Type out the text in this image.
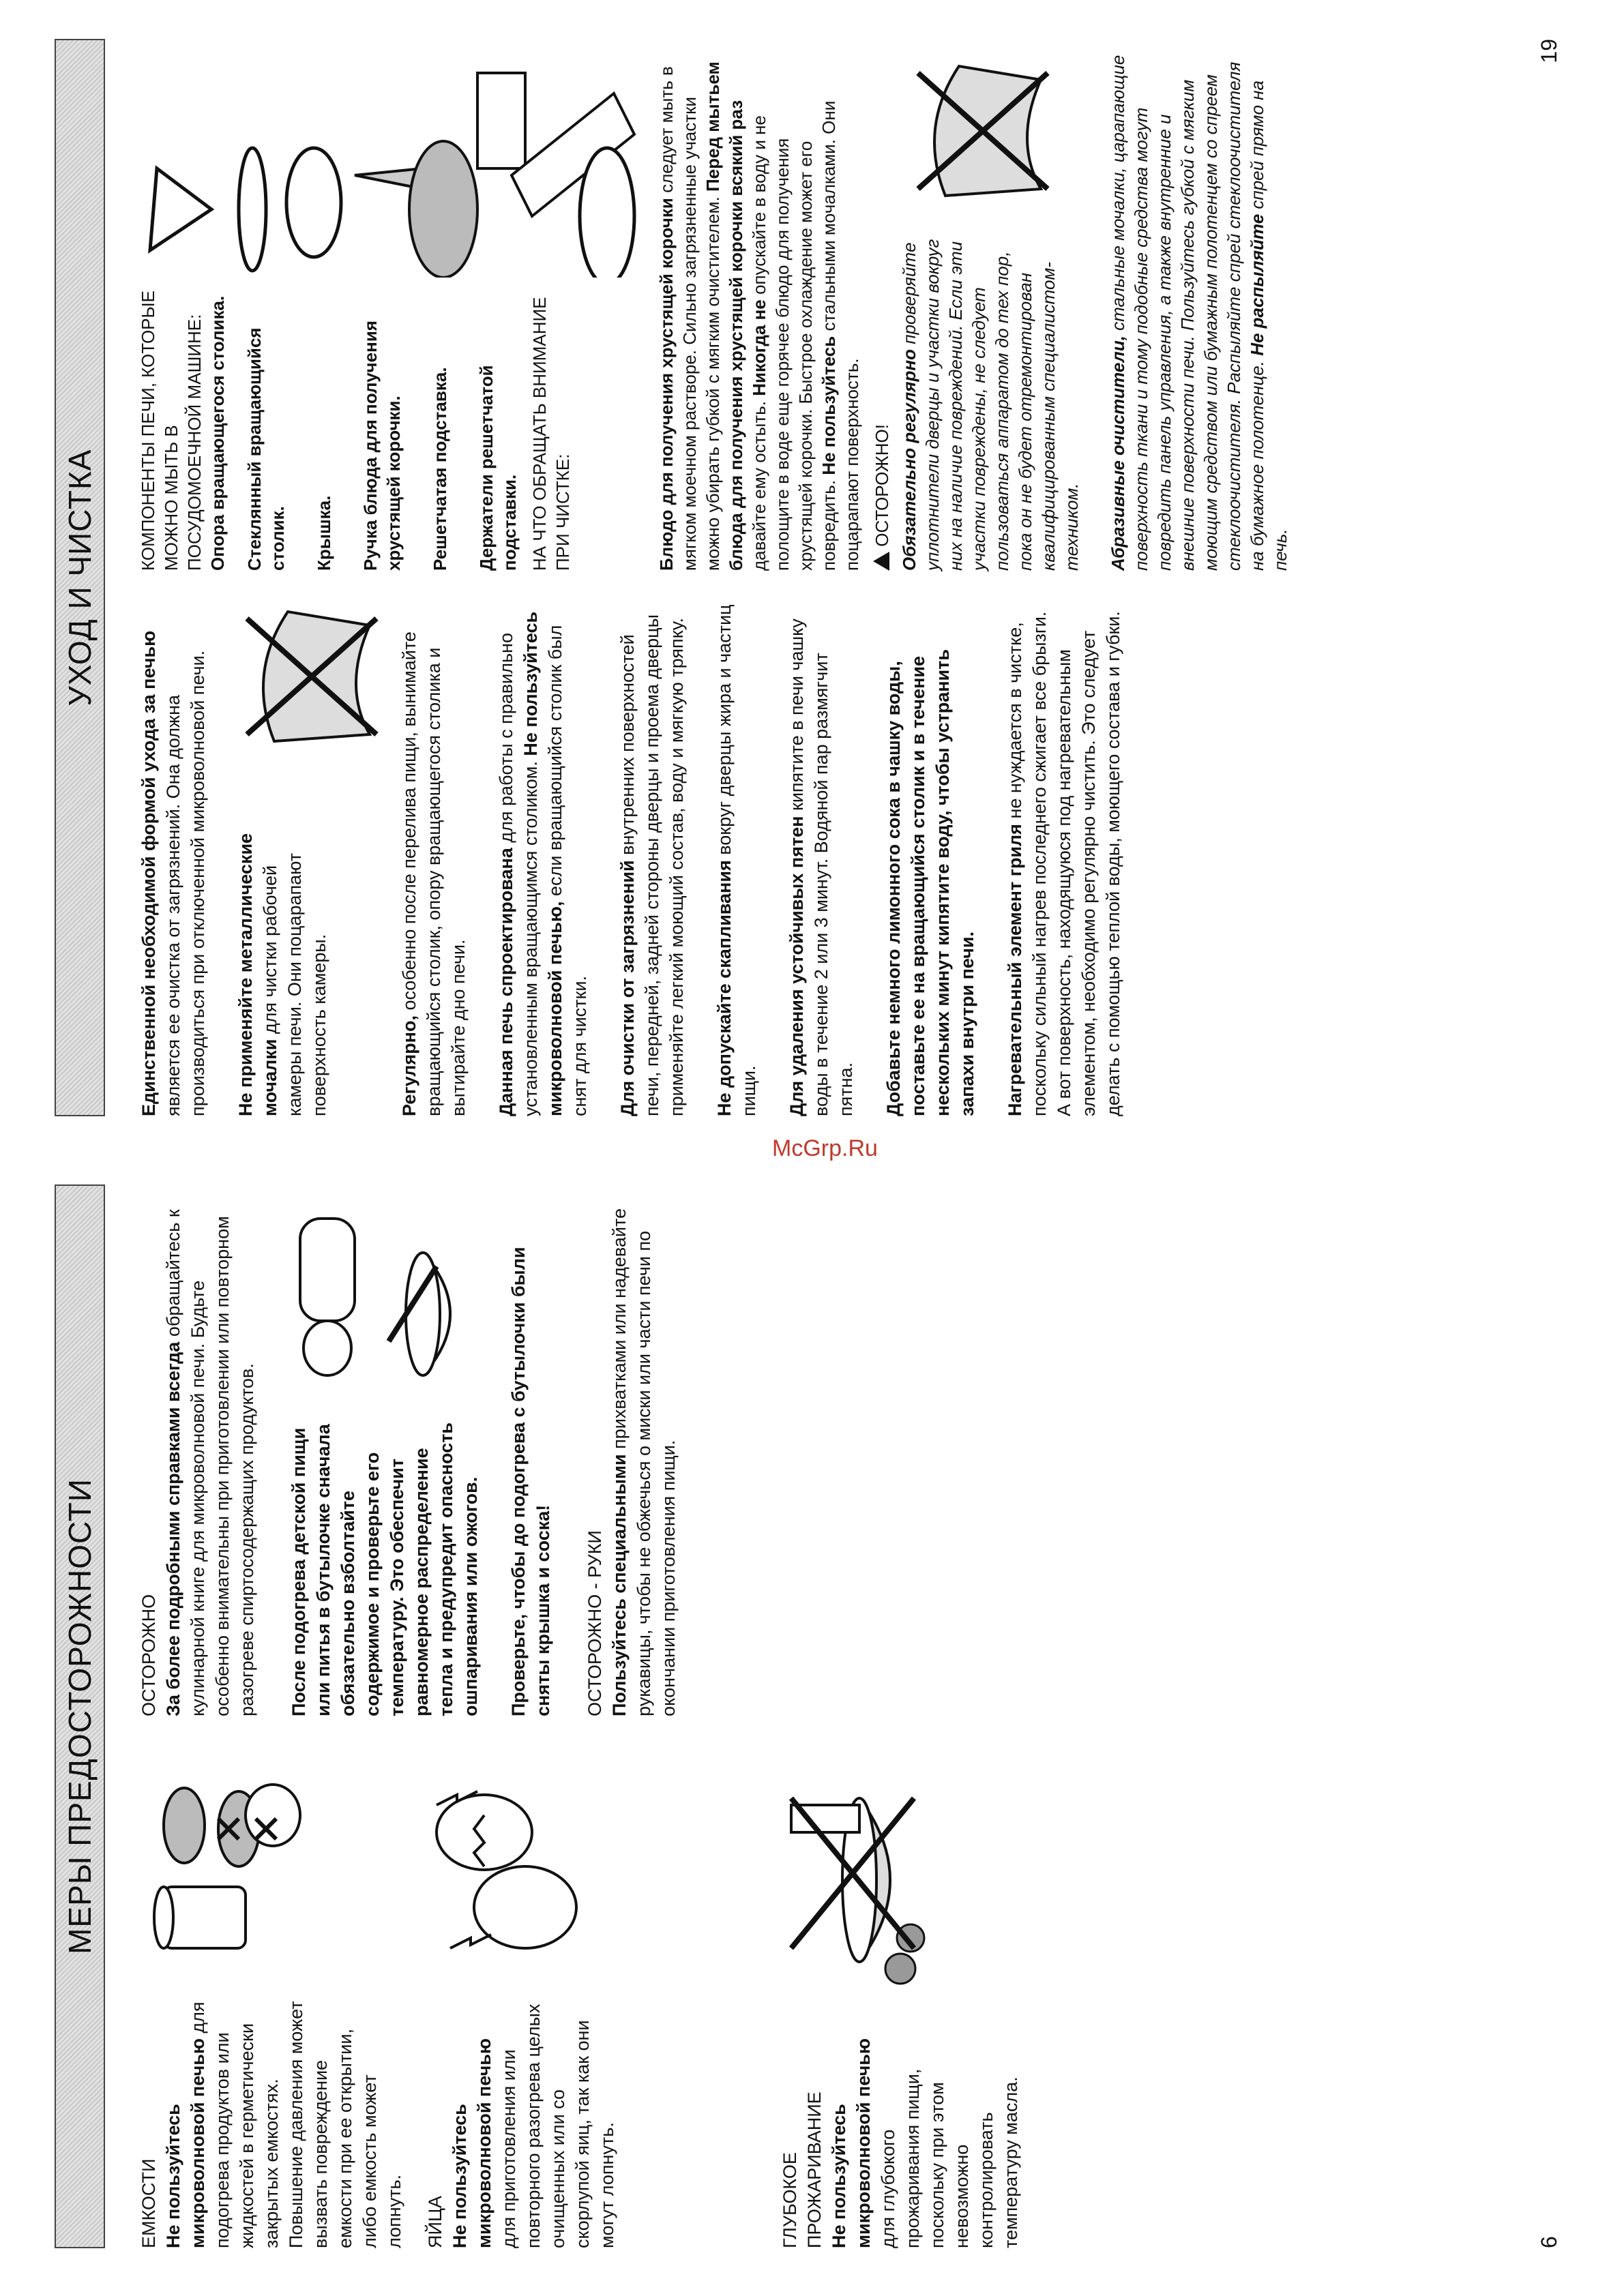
МЕРЫ ПРЕДОСТОРОЖНОСТИ
ЕМКОСТИ Не пользуйтесь микроволновой печью для подогрева продуктов или жидкостей в герметически закрытых емкостях. Повышение давления может вызвать повреждение емкости при ее открытии, либо емкость может лопнуть. ЯЙЦА Не пользуйтесь микроволновой печью для приготовления или повторного разогрева целых очищенных или со скорлупой яиц, так как они могут лопнуть.	ГЛУБОКОЕ ПРОЖАРИВАНИЕ Не пользуйтесь микроволновой печью для глубокого прожаривания пищи, поскольку при этом невозможно контролировать температуру масла.
ОСТОРОЖНО За более подробными справками всегда обращайтесь к кулинарной книге для микроволновой печи. Будьте особенно внимательны при приготовлении или повторном разогреве спиртосодержащих продуктов. После подогрева детской пищи или питья в бутылочке сначала обязательно взболтайте содержимое и проверьте его температуру. Это обеспечит равномерное распределение тепла и предупредит опасность ошпаривания или ожогов. Проверьте, чтобы до подогрева с бутылочки были сняты крышка и соска! ОСТОРОЖНО - РУКИ Пользуйтесь специальными прихватками или надевайте рукавицы, чтобы не обжечься о миски или части печи по окончании приготовления пищи.
6
УХОД И ЧИСТКА

Единственной необходимой формой ухода за печью является ее очистка от загрязнений. Она должна производиться при отключенной микроволновой печи. Не применяйте металлические мочалки для чистки рабочей камеры печи. Они поцарапают поверхность камеры.	Регулярно, особенно после перелива пищи, вынимайте вращающийся столик, опору вращающегося столика и вытирайте дно печи. Данная печь спроектирована для работы с правильно установленным вращающимся столиком. Не пользуйтесь микроволновой печью, если вращающийся столик был снят для чистки. Для очистки от загрязнений внутренних поверхностей печи, передней, задней стороны дверцы и проема дверцы применяйте легкий моющий состав, воду и мягкую тряпку. Не допускайте скапливания вокруг дверцы жира и частиц пищи. Для удаления устойчивых пятен кипятите в печи чашку воды в течение 2 или 3 минут. Водяной пар размягчит пятна. Добавьте немного лимонного сока в чашку воды, поставьте ее на вращающийся столик и в течение нескольких минут кипятите воду, чтобы устранить запахи внутри печи. Нагревательный элемент гриля не нуждается в чистке, поскольку сильный нагрев последнего сжигает все брызги. А вот поверхность, находящуюся под нагревательным элементом, необходимо регулярно чистить. Это следует делать с помощью теплой воды, моющего состава и губки.

КОМПОНЕНТЫ ПЕЧИ, КОТОРЫЕ МОЖНО МЫТЬ В ПОСУДОМОЕЧНОЙ МАШИНЕ: Опора вращающегося столика. Стеклянный вращающийся столик. Крышка. Ручка блюда для получения хрустящей корочки. Решетчатая подставка. Держатели решетчатой подставки. НА ЧТО ОБРАЩАТЬ ВНИМАНИЕ ПРИ ЧИСТКЕ:	Блюдо для получения хрустящей корочки следует мыть в мягком моечном растворе. Сильно загрязненные участки можно убирать губкой с мягким очистителем. Перед мытьем блюда для получения хрустящей корочки всякий раз давайте ему остыть. Никогда не опускайте в воду и не полощите в воде еще горячее блюдо для получения хрустящей корочки. Быстрое охлаждение может его повредить. Не пользуйтесь стальными мочалками. Они поцарапают поверхность. ОСТОРОЖНО! Обязательно регулярно проверяйте уплотнители дверцы и участки вокруг них на наличие повреждений. Если эти участки повреждены, не следует пользоваться аппаратом до тех пор, пока он не будет отремонтирован квалифицированным специалистом-техником. Абразивные очистители, стальные мочалки, царапающие поверхность ткани и тому подобные средства могут повредить панель управления, а также внутренние и внешние поверхности печи. Пользуйтесь губкой с мягким моющим средством или бумажным полотенцем со спреем стеклоочистителя. Распыляйте спрей стеклоочистителя на бумажное полотенце. Не распыляйте спрей прямо на печь.

19
McGrp.Ru
